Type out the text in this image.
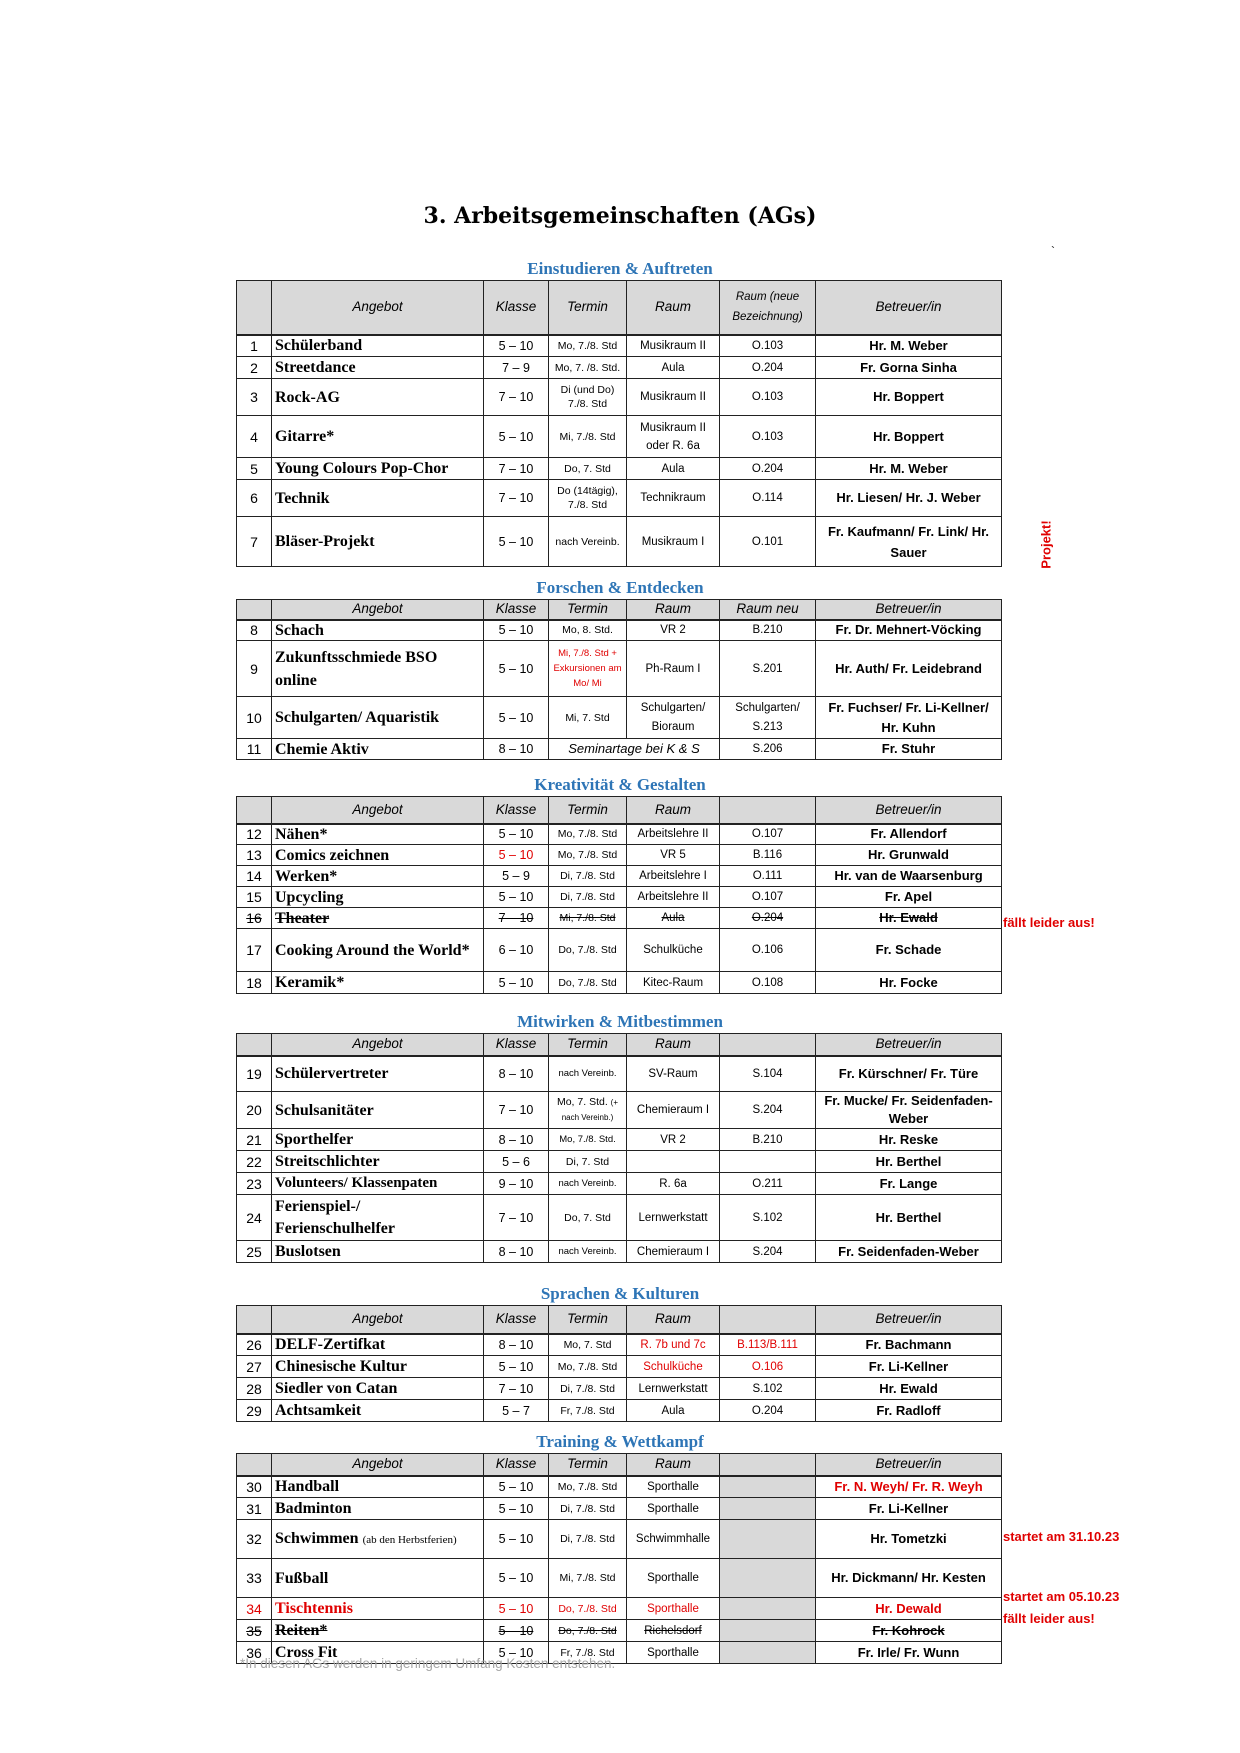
3. Arbeitsgemeinschaften (AGs)
`
Einstudieren & Auftreten
	Angebot	Klasse	Termin	Raum	Raum (neue Bezeichnung)	Betreuer/in
1	Schülerband	5 – 10	Mo, 7./8. Std	Musikraum II	O.103	Hr. M. Weber
2	Streetdance	7 – 9	Mo, 7. /8. Std.	Aula	O.204	Fr. Gorna Sinha
3	Rock-AG	7 – 10	Di (und Do) 7./8. Std	Musikraum II	O.103	Hr. Boppert
4	Gitarre*	5 – 10	Mi, 7./8. Std	Musikraum II oder R. 6a	O.103	Hr. Boppert
5	Young Colours Pop-Chor	7 – 10	Do, 7. Std	Aula	O.204	Hr. M. Weber
6	Technik	7 – 10	Do (14tägig), 7./8. Std	Technikraum	O.114	Hr. Liesen/ Hr. J. Weber
7	Bläser-Projekt	5 – 10	nach Vereinb.	Musikraum I	O.101	Fr. Kaufmann/ Fr. Link/ Hr. Sauer	Projekt!
Forschen & Entdecken
	Angebot	Klasse	Termin	Raum	Raum neu	Betreuer/in
8	Schach	5 – 10	Mo, 8. Std.	VR 2	B.210	Fr. Dr. Mehnert-Vöcking
9	Zukunftsschmiede BSO online	5 – 10	Mi, 7./8. Std + Exkursionen am Mo/ Mi	Ph-Raum I	S.201	Hr. Auth/ Fr. Leidebrand
10	Schulgarten/ Aquaristik	5 – 10	Mi, 7. Std	Schulgarten/ Bioraum	Schulgarten/ S.213	Fr. Fuchser/ Fr. Li-Kellner/ Hr. Kuhn
11	Chemie Aktiv	8 – 10	Seminartage bei K & S		S.206	Fr. Stuhr
Kreativität & Gestalten
	Angebot	Klasse	Termin	Raum		Betreuer/in
12	Nähen*	5 – 10	Mo, 7./8. Std	Arbeitslehre II	O.107	Fr. Allendorf
13	Comics zeichnen	5 – 10	Mo, 7./8. Std	VR 5	B.116	Hr. Grunwald
14	Werken*	5 – 9	Di, 7./8. Std	Arbeitslehre I	O.111	Hr. van de Waarsenburg
15	Upcycling	5 – 10	Di, 7./8. Std	Arbeitslehre II	O.107	Fr. Apel
16	Theater	7 – 10	Mi, 7./8. Std	Aula	O.204	Hr. Ewald
17	Cooking Around the World*	6 – 10	Do, 7./8. Std	Schulküche	O.106	Fr. Schade
18	Keramik*	5 – 10	Do, 7./8. Std	Kitec-Raum	O.108	Hr. Focke
fällt leider aus!
Mitwirken & Mitbestimmen
	Angebot	Klasse	Termin	Raum		Betreuer/in
19	Schülervertreter	8 – 10	nach Vereinb.	SV-Raum	S.104	Fr. Kürschner/ Fr. Türe
20	Schulsanitäter	7 – 10	Mo, 7. Std. (+ nach Vereinb.)	Chemieraum I	S.204	Fr. Mucke/ Fr. Seidenfaden-Weber
21	Sporthelfer	8 – 10	Mo, 7./8. Std.	VR 2	B.210	Hr. Reske
22	Streitschlichter	5 – 6	Di, 7. Std			Hr. Berthel
23	Volunteers/ Klassenpaten	9 – 10	nach Vereinb.	R. 6a	O.211	Fr. Lange
24	Ferienspiel-/ Ferienschulhelfer	7 – 10	Do, 7. Std	Lernwerkstatt	S.102	Hr. Berthel
25	Buslotsen	8 – 10	nach Vereinb.	Chemieraum I	S.204	Fr. Seidenfaden-Weber
Sprachen & Kulturen
	Angebot	Klasse	Termin	Raum		Betreuer/in
26	DELF-Zertifkat	8 – 10	Mo, 7. Std	R. 7b und 7c	B.113/B.111	Fr. Bachmann
27	Chinesische Kultur	5 – 10	Mo, 7./8. Std	Schulküche	O.106	Fr. Li-Kellner
28	Siedler von Catan	7 – 10	Di, 7./8. Std	Lernwerkstatt	S.102	Hr. Ewald
29	Achtsamkeit	5 – 7	Fr, 7./8. Std	Aula	O.204	Fr. Radloff
Training & Wettkampf
	Angebot	Klasse	Termin	Raum		Betreuer/in
30	Handball	5 – 10	Mo, 7./8. Std	Sporthalle		Fr. N. Weyh/ Fr. R. Weyh
31	Badminton	5 – 10	Di, 7./8. Std	Sporthalle		Fr. Li-Kellner
32	Schwimmen (ab den Herbstferien)	5 – 10	Di, 7./8. Std	Schwimmhalle		Hr. Tometzki
33	Fußball	5 – 10	Mi, 7./8. Std	Sporthalle		Hr. Dickmann/ Hr. Kesten
34	Tischtennis	5 – 10	Do, 7./8. Std	Sporthalle		Hr. Dewald
35	Reiten*	5 – 10	Do, 7./8. Std	Richelsdorf		Fr. Kohrock
36	Cross Fit	5 – 10	Fr, 7./8. Std	Sporthalle		Fr. Irle/ Fr. Wunn
startet am 31.10.23
startet am 05.10.23
fällt leider aus!
*In diesen AGs werden in geringem Umfang Kosten entstehen.
